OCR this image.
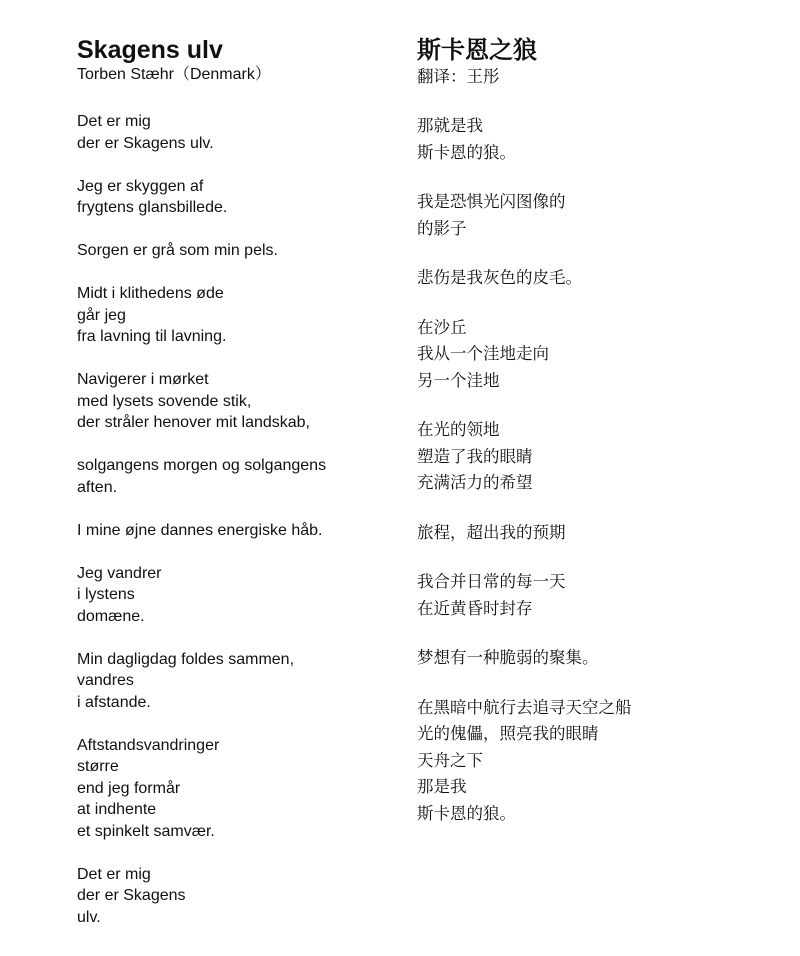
Skagens ulv

Torben Stæhr（Denmark）

Det er mig
der er Skagens ulv.

Jeg er skyggen af
frygtens glansbillede.

Sorgen er grå som min pels.

Midt i klithedens øde
går jeg
fra lavning til lavning.

Navigerer i mørket
med lysets sovende stik,
der stråler henover mit landskab,

solgangens morgen og solgangens
aften.

I mine øjne dannes energiske håb.

Jeg vandrer
i lystens
domæne.

Min dagligdag foldes sammen,
vandres
i afstande.

Aftstandsvandringer
større
end jeg formår
at indhente
et spinkelt samvær.

Det er mig
der er Skagens
ulv.

斯卡恩之狼

翻译：王彤

那就是我
斯卡恩的狼。

我是恐惧光闪图像的
的影子

悲伤是我灰色的皮毛。

在沙丘
我从一个洼地走向
另一个洼地

在光的领地
塑造了我的眼睛
充满活力的希望

旅程，超出我的预期

我合并日常的每一天
在近黄昏时封存

梦想有一种脆弱的聚集。

在黑暗中航行去追寻天空之船
光的傀儡，照亮我的眼睛
天舟之下
那是我
斯卡恩的狼。
